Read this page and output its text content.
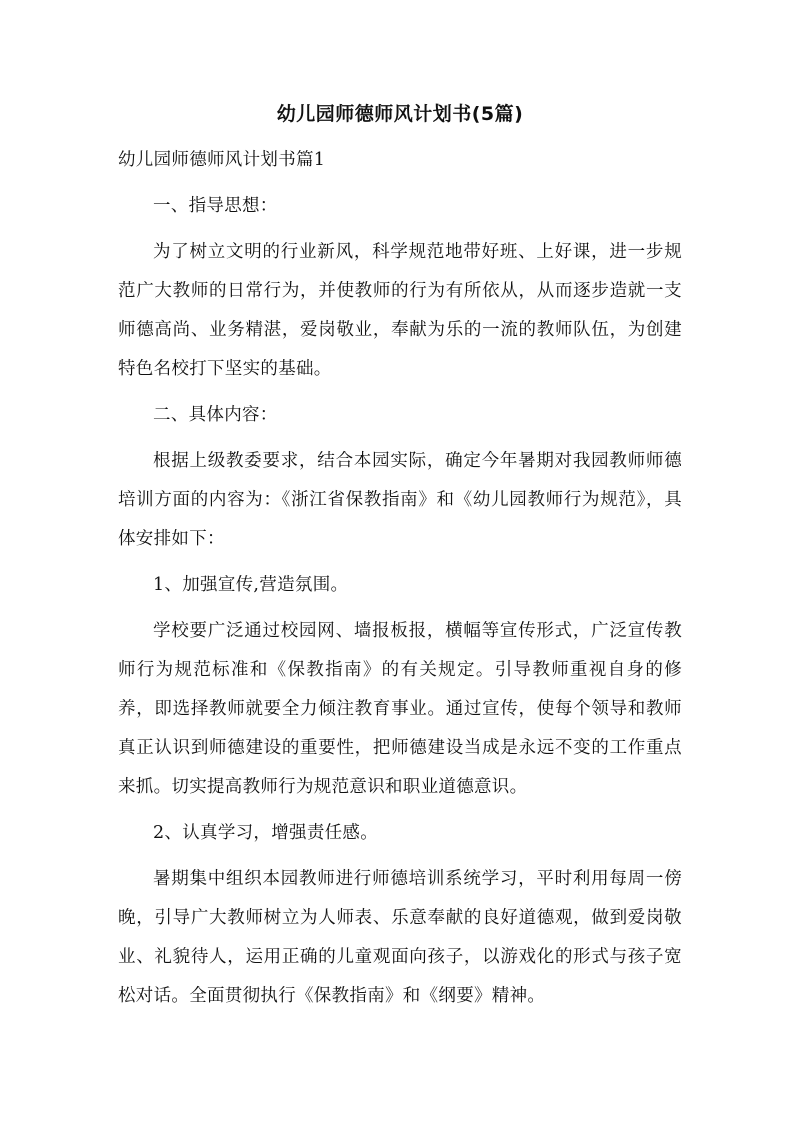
幼儿园师德师风计划书(5篇)

幼儿园师德师风计划书篇1

一、指导思想：

为了树立文明的行业新风，科学规范地带好班、上好课，进一步规范广大教师的日常行为，并使教师的行为有所依从，从而逐步造就一支师德高尚、业务精湛，爱岗敬业，奉献为乐的一流的教师队伍，为创建特色名校打下坚实的基础。

二、具体内容：

根据上级教委要求，结合本园实际，确定今年暑期对我园教师师德培训方面的内容为：《浙江省保教指南》和《幼儿园教师行为规范》，具体安排如下：

1、加强宣传,营造氛围。

学校要广泛通过校园网、墙报板报，横幅等宣传形式，广泛宣传教师行为规范标准和《保教指南》的有关规定。引导教师重视自身的修养，即选择教师就要全力倾注教育事业。通过宣传，使每个领导和教师真正认识到师德建设的重要性，把师德建设当成是永远不变的工作重点来抓。切实提高教师行为规范意识和职业道德意识。

2、认真学习，增强责任感。

暑期集中组织本园教师进行师德培训系统学习，平时利用每周一傍晚，引导广大教师树立为人师表、乐意奉献的良好道德观，做到爱岗敬业、礼貌待人，运用正确的儿童观面向孩子，以游戏化的形式与孩子宽松对话。全面贯彻执行《保教指南》和《纲要》精神。
